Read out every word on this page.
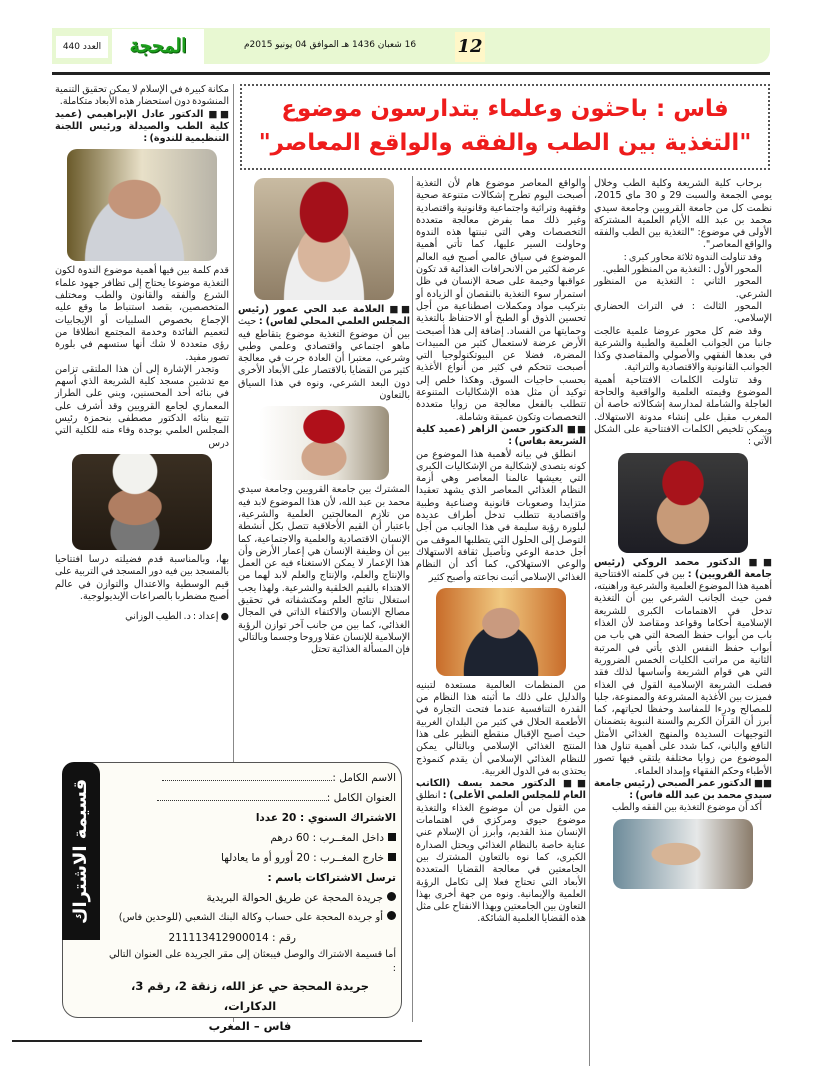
العدد 440	المحجة	16 شعبان 1436 هـ الموافق 04 يونيو 2015م	12
فاس : باحثون وعلماء يتدارسون موضوع
"التغذية بين الطب والفقه والواقع المعاصر"

برحاب كلية الشريعة وكلية الطب وخلال يومي الجمعة والسبت 29 و 30 ماي 2015، نظمت كل من جامعة القرويين وجامعة سيدي محمد بن عبد الله الأيام العلمية المشتركة الأولى في موضوع: "التغذية بين الطب والفقه والواقع المعاصر".

وقد تناولت الندوة ثلاثة محاور كبرى :

المحور الأول : التغذية من المنظور الطبي.

المحور الثاني : التغذية من المنظور الشرعي.

المحور الثالث : في التراث الحضاري الإسلامي.

وقد ضم كل محور عروضا علمية عالجت جانبا من الجوانب العلمية والطبية والشرعية في بعدها الفقهي والأصولي والمقاصدي وكذا الجوانب القانونية والاقتصادية والتراثية.

وقد تناولت الكلمات الافتتاحية أهمية الموضوع وقيمته العلمية والواقعية والحاجة العاجلة والشاملة لمدارسة إشكالاته خاصة أن المغرب مقبل على إنشاء مدونة الاستهلاك. ويمكن تلخيص الكلمات الافتتاحية على الشكل الآتي :

■■ الدكتور محمد الروكي (رئيس جامعة القرويين) : بين في كلمته الافتتاحية أهمية هذا الموضوع العلمية والشرعية وراهنيته، فمن حيث الجانب الشرعي بين أن التغذية تدخل في الاهتمامات الكبرى للشريعة الإسلامية أحكاما وقواعد ومقاصد لأن الغذاء باب من أبواب حفظ الصحة التي هي باب من أبواب حفظ النفس الذي يأتي في المرتبة الثانية من مراتب الكليات الخمس الضرورية التي هي قوام الشريعة وأساسها لذلك فقد فصلت الشريعة الإسلامية القول في الغذاء فميزت بين الأغذية المشروعة والممنوعة، جلبا للمصالح ودرءا للمفاسد وحفظا لحياتهم، كما أبرز أن القرآن الكريم والسنة النبوية يتضمنان التوجيهات السديدة والمنهج الغذائي الأمثل النافع والباني، كما شدد على أهمية تناول هذا الموضوع من زوايا مختلفة يلتقي فيها تصور الأطباء وحكم الفقهاء وإمداد العلماء.

■■ الدكتور عمر الصبحي (رئيس جامعة سيدي محمد بن عبد الله فاس) :

أكد أن موضوع التغذية بين الفقه والطب

والواقع المعاصر موضوع هام لأن التغذية أصبحت اليوم تطرح إشكالات متنوعة صحية وفقهية وتراثية واجتماعية وقانونية واقتصادية وغير ذلك مما يفرض معالجة متعددة التخصصات وهي التي تبنتها هذه الندوة وحاولت السير عليها، كما تأتي أهمية الموضوع في سياق عالمي أصبح فيه العالم عرضة لكثير من الانحرافات الغذائية قد تكون عواقبها وخيمة على صحة الإنسان في ظل استمرار سوء التغذية بالنقصان أو الزيادة أو بتركيب مواد ومكملات اصطناعية من أجل تحسين الذوق أو الطبخ أو الاحتفاظ بالتغذية وحمايتها من الفساد. إضافة إلى هذا أصبحت الأرض عرضة لاستعمال كثير من المبيدات المضرة، فضلا عن البيوتكنولوجيا التي أصبحت تتحكم في كثير من أنواع الأغذية بحسب حاجيات السوق. وهكذا خلص إلى توكيد أن مثل هذه الإشكاليات المتنوعة تتطلب بالفعل معالجة من زوايا متعددة التخصصات وتكون عميقة وشاملة.

■■ الدكتور حسن الزاهر (عميد كلية الشريعة بفاس) :

انطلق في بيانه لأهمية هذا الموضوع من كونه يتصدى لإشكالية من الإشكاليات الكبرى التي يعيشها عالمنا المعاصر وهي أزمة النظام الغذائي المعاصر الذي يشهد تعقيدا متزايدا وصعوبات قانونية وصناعية وطبية واقتصادية تتطلب تدخل أطراف عديدة لبلورة رؤية سليمة في هذا الجانب من أجل التوصل إلى الحلول التي يتطلبها الموقف من أجل خدمة الوعي وتأصيل ثقافة الاستهلاك والوعي الاستهلاكي، كما أكد أن النظام الغذائي الإسلامي أثبت نجاعته وأصبح كثير

من المنظمات العالمية مستعدة لتبنيه والدليل على ذلك ما أثبته هذا النظام من القدرة التنافسية عندما فتحت التجارة في الأطعمة الحلال في كثير من البلدان الغربية حيث أصبح الإقبال منقطع النظير على هذا المنتج الغذائي الإسلامي وبالتالي يمكن للنظام الغذائي الإسلامي أن يقدم كنموذج يحتذى به في الدول الغربية.

■■ الدكتور محمد يسف (الكاتب العام للمجلس العلمي الأعلى) : انطلق من القول من أن موضوع الغذاء والتغذية موضوع حيوي ومركزي في اهتمامات الإنسان منذ القديم، وأبرز أن الإسلام عني عناية خاصة بالنظام الغذائي ويحتل الصدارة الكبرى، كما نوه بالتعاون المشترك بين الجامعتين في معالجة القضايا المتعددة الأبعاد التي تحتاج فعلا إلى تكامل الرؤية العلمية والإيمانية. ونوه من جهة أخرى بهذا التعاون بين الجامعتين وبهذا الانفتاح على مثل هذه القضايا العلمية الشائكة.

■■ العلامة عبد الحي عمور (رئيس المجلس العلمي المحلي لفاس) : حيث بين أن موضوع التغذية موضوع يتقاطع فيه ماهو اجتماعي واقتصادي وعلمي وطبي وشرعي، معتبرا أن العادة جرت في معالجة كثير من القضايا بالاقتصار على الأبعاد الأخرى دون البعد الشرعي، ونوه في هذا السياق بالتعاون

المشترك بين جامعة القرويين وجامعة سيدي محمد بن عبد الله، لأن هذا الموضوع لابد فيه من تلازم المعالجتين العلمية والشرعية، باعتبار أن القيم الأخلاقية تتصل بكل أنشطة الإنسان الاقتصادية والعلمية والاجتماعية، كما بين أن وظيفة الإنسان هي إعمار الأرض وأن هذا الإعمار لا يمكن الاستغناء فيه عن العمل والإنتاج والعلم، والإنتاج والعلم لابد لهما من الاهتداء بالقيم الخلقية والشرعية. ولهذا يجب استغلال نتائج العلم ومكتشفاته في تحقيق مصالح الإنسان والاكتفاء الذاتي في المجال الغذائي، كما بين من جانب آخر توازن الرؤية الإسلامية للإنسان عقلا وروحا وجسما وبالتالي فإن المسألة الغذائية تحتل

مكانة كبيرة في الإسلام لا يمكن تحقيق التنمية المنشودة دون استحضار هذه الأبعاد متكاملة.

■■ الدكتور عادل الإبراهيمي (عميد كلية الطب والصيدلة ورئيس اللجنة التنظيمية للندوة) :

قدم كلمة بين فيها أهمية موضوع الندوة لكون التغذية موضوعا يحتاج إلى تظافر جهود علماء الشرع والفقه والقانون والطب ومختلف المتخصصين، بقصد استنباط ما وقع عليه الإجماع بخصوص السلبيات أو الإيجابيات لتعميم الفائدة وخدمة المجتمع انطلاقا من رؤى متعددة لا شك أنها ستسهم في بلورة تصور مفيد.

وتجدر الإشارة إلى أن هذا الملتقى تزامن مع تدشين مسجد كلية الشريعة الذي أسهم في بنائه أحد المحسنين، وبني على الطراز المعماري لجامع القرويين وقد أشرف على تتبع بنائه الدكتور مصطفى بنحمزة رئيس المجلس العلمي بوجدة وفاء منه للكلية التي درس

بها، وبالمناسبة قدم فضيلته درسا افتتاحيا بالمسجد بين فيه دور المسجد في التربية على قيم الوسطية والاعتدال والتوازن في عالم أصبح مضطربا بالصراعات الإيديولوجية.

● إعداد : د. الطيب الوزاني

قسيمة الاشتراك
الاسم الكامل :
العنوان الكامل :
الاشتراك السنوي : 20 عددا
داخل المغــرب : 60 درهم
خارج المغــرب : 20 أورو أو ما يعادلها
ترسل الاشتراكات باسم :
جريدة المحجة عن طريق الحوالة البريدية
أو جريدة المحجة على حساب وكالة البنك الشعبي (للوحدين فاس)
رقم : 211113412900014
أما قسيمة الاشتراك والوصل فيبعثان إلى مقر الجريدة على العنوان التالي :
جريدة المحجة حي عز الله، زنقة 2، رقم 3، الدكارات،
فاس – المغرب
